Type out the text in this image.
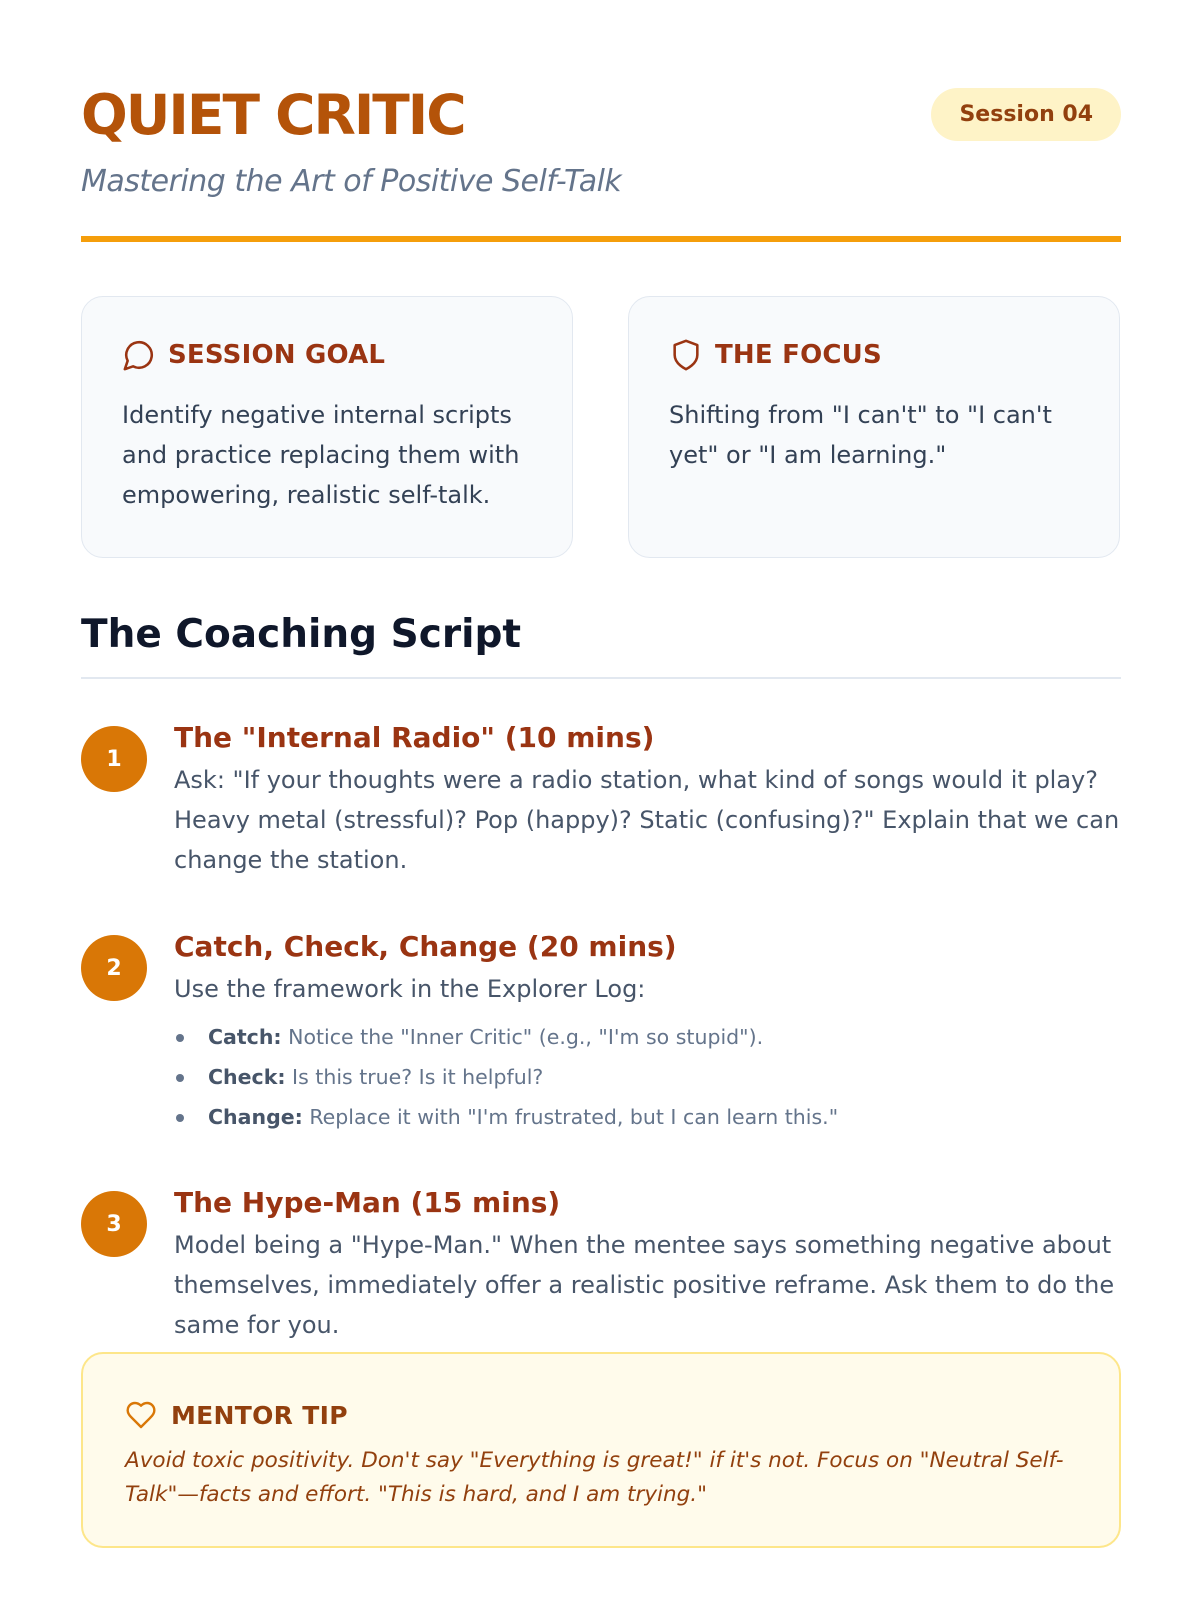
QUIET CRITIC
Mastering the Art of Positive Self-Talk
Session 04
SESSION GOAL

Identify negative internal scripts and practice replacing them with empowering, realistic self-talk.

THE FOCUS

Shifting from "I can't" to "I can't yet" or "I am learning."

The Coaching Script
1
The "Internal Radio" (10 mins)

Ask: "If your thoughts were a radio station, what kind of songs would it play? Heavy metal (stressful)? Pop (happy)? Static (confusing)?" Explain that we can change the station.

2
Catch, Check, Change (20 mins)

Use the framework in the Explorer Log:

Catch: Notice the "Inner Critic" (e.g., "I'm so stupid").
Check: Is this true? Is it helpful?
Change: Replace it with "I'm frustrated, but I can learn this."
3
The Hype-Man (15 mins)

Model being a "Hype-Man." When the mentee says something negative about themselves, immediately offer a realistic positive reframe. Ask them to do the same for you.

MENTOR TIP

Avoid toxic positivity. Don't say "Everything is great!" if it's not. Focus on "Neutral Self-Talk"—facts and effort. "This is hard, and I am trying."
